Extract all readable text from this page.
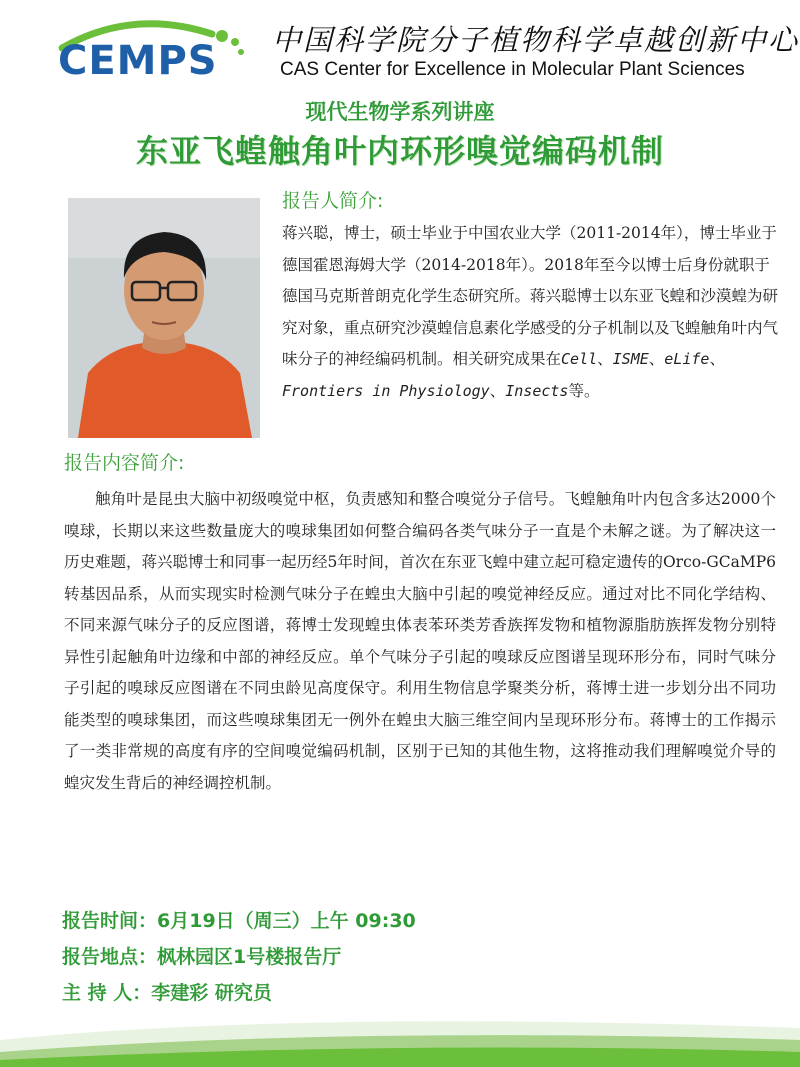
CEMPS 中国科学院分子植物科学卓越创新中心
CAS Center for Excellence in Molecular Plant Sciences
现代生物学系列讲座
东亚飞蝗触角叶内环形嗅觉编码机制
报告人简介:
蒋兴聪，博士，硕士毕业于中国农业大学（2011-2014年），博士毕业于德国霍恩海姆大学（2014-2018年）。2018年至今以博士后身份就职于德国马克斯普朗克化学生态研究所。蒋兴聪博士以东亚飞蝗和沙漠蝗为研究对象，重点研究沙漠蝗信息素化学感受的分子机制以及飞蝗触角叶内气味分子的神经编码机制。相关研究成果在Cell、ISME、eLife、Frontiers in Physiology、Insects等。
报告内容简介:
触角叶是昆虫大脑中初级嗅觉中枢，负责感知和整合嗅觉分子信号。飞蝗触角叶内包含多达2000个嗅球，长期以来这些数量庞大的嗅球集团如何整合编码各类气味分子一直是个未解之谜。为了解决这一历史难题，蒋兴聪博士和同事一起历经5年时间，首次在东亚飞蝗中建立起可稳定遗传的Orco-GCaMP6转基因品系，从而实现实时检测气味分子在蝗虫大脑中引起的嗅觉神经反应。通过对比不同化学结构、不同来源气味分子的反应图谱，蒋博士发现蝗虫体表苯环类芳香族挥发物和植物源脂肪族挥发物分别特异性引起触角叶边缘和中部的神经反应。单个气味分子引起的嗅球反应图谱呈现环形分布，同时气味分子引起的嗅球反应图谱在不同虫龄见高度保守。利用生物信息学聚类分析，蒋博士进一步划分出不同功能类型的嗅球集团，而这些嗅球集团无一例外在蝗虫大脑三维空间内呈现环形分布。蒋博士的工作揭示了一类非常规的高度有序的空间嗅觉编码机制，区别于已知的其他生物，这将推动我们理解嗅觉介导的蝗灾发生背后的神经调控机制。
报告时间：6月19日（周三）上午 09:30
报告地点：枫林园区1号楼报告厅
主 持 人：李建彩 研究员
